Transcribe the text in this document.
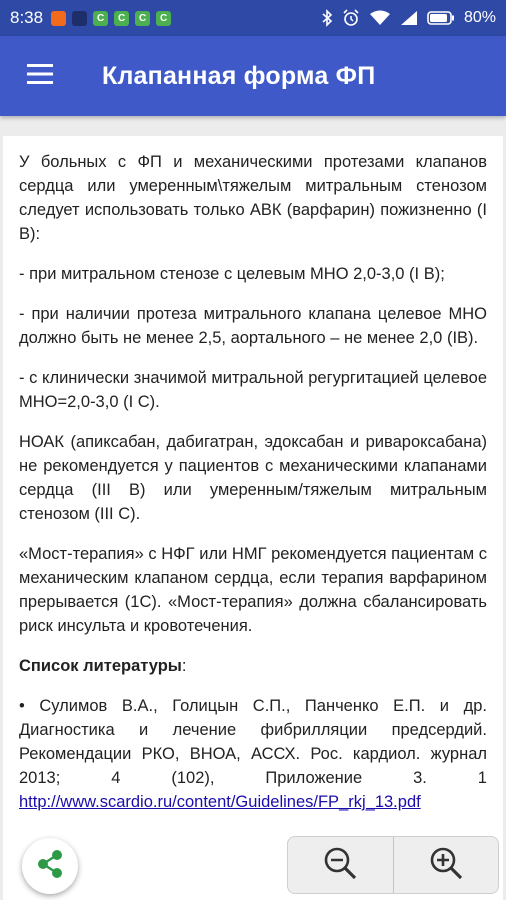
8:38	C	C	C	C	80%
Клапанная форма ФП

У больных с ФП и механическими протезами клапанов сердца или умеренным\тяжелым митральным стенозом следует использовать только АВК (варфарин) пожизненно (I В):

- при митральном стенозе с целевым МНО 2,0-3,0 (I В);

- при наличии протеза митрального клапана целевое МНО должно быть не менее 2,5, аортального – не менее 2,0 (IВ).

- с клинически значимой митральной регургитацией целевое МНО=2,0-3,0 (I С).

НОАК (апиксабан, дабигатран, эдоксабан и ривароксабана) не рекомендуется у пациентов с механическими клапанами сердца (III В) или умеренным/тяжелым митральным стенозом (III С).

«Мост-терапия» с НФГ или НМГ рекомендуется пациентам с механическим клапаном сердца, если терапия варфарином прерывается (1С). «Мост-терапия» должна сбалансировать риск инсульта и кровотечения.

Список литературы:

• Сулимов В.А., Голицын С.П., Панченко Е.П. и др. Диагностика и лечение фибрилляции предсердий. Рекомендации РКО, ВНОА, АССХ. Рос. кардиол. журнал 2013; 4 (102), Приложение 3. 1 http://www.scardio.ru/content/Guidelines/FP_rkj_13.pdf
